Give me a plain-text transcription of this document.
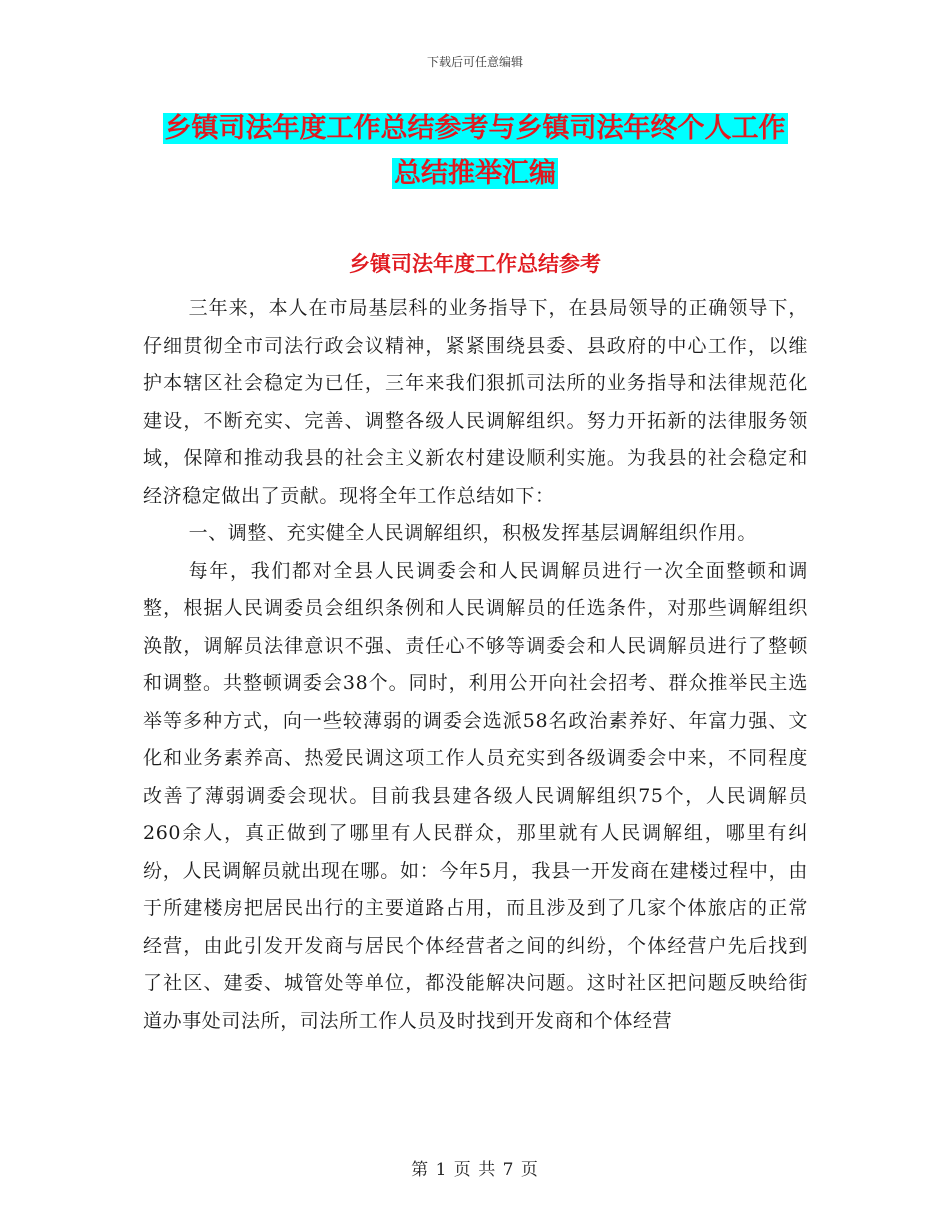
下载后可任意编辑
乡镇司法年度工作总结参考与乡镇司法年终个人工作
总结推举汇编
乡镇司法年度工作总结参考

三年来，本人在市局基层科的业务指导下，在县局领导的正确领导下，仔细贯彻全市司法行政会议精神，紧紧围绕县委、县政府的中心工作，以维护本辖区社会稳定为已任，三年来我们狠抓司法所的业务指导和法律规范化建设，不断充实、完善、调整各级人民调解组织。努力开拓新的法律服务领域，保障和推动我县的社会主义新农村建设顺利实施。为我县的社会稳定和经济稳定做出了贡献。现将全年工作总结如下：

一、调整、充实健全人民调解组织，积极发挥基层调解组织作用。

每年，我们都对全县人民调委会和人民调解员进行一次全面整顿和调整，根据人民调委员会组织条例和人民调解员的任选条件，对那些调解组织涣散，调解员法律意识不强、责任心不够等调委会和人民调解员进行了整顿和调整。共整顿调委会38个。同时，利用公开向社会招考、群众推举民主选举等多种方式，向一些较薄弱的调委会选派58名政治素养好、年富力强、文化和业务素养高、热爱民调这项工作人员充实到各级调委会中来，不同程度改善了薄弱调委会现状。目前我县建各级人民调解组织75个，人民调解员260余人，真正做到了哪里有人民群众，那里就有人民调解组，哪里有纠纷，人民调解员就出现在哪。如：今年5月，我县一开发商在建楼过程中，由于所建楼房把居民出行的主要道路占用，而且涉及到了几家个体旅店的正常经营，由此引发开发商与居民个体经营者之间的纠纷，个体经营户先后找到了社区、建委、城管处等单位，都没能解决问题。这时社区把问题反映给街道办事处司法所，司法所工作人员及时找到开发商和个体经营

第 1 页 共 7 页
